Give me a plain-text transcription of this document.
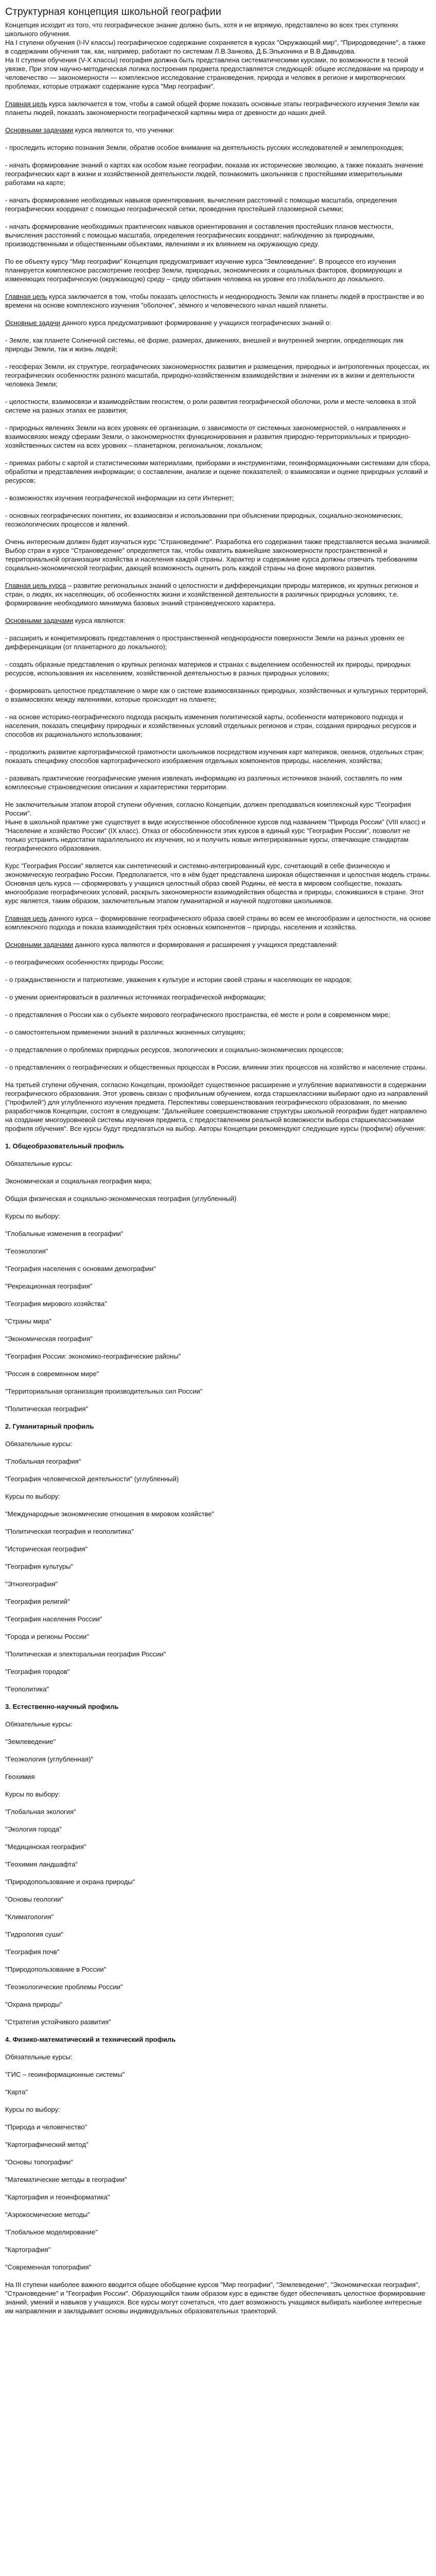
Структурная концепция школьной географии

Концепция исходит из того, что географическое знание должно быть, хотя и не впрямую, представлено во всех трех ступенях школьного обучения.

На I ступени обучения (I-IV классы) географическое содержание сохраняется в курсах "Окружающий мир", "Природоведение", а также в содержании обучения так, как, например, работают по системам Л.В.Занкова, Д.Б.Эльконина и В.В.Давыдова.

На II ступени обучения (V-X классы) география должна быть представлена систематическими курсами, по возможности в тесной увязке, При этом научно-методическая логика построения предмета предоставляется следующей: общее исследование на природу и человечество — закономерности — комплексное исследование страноведения, природа и человек в регионе и миротворческих проблемах, которые отражают содержание курса "Мир географии".

Главная цель курса заключается в том, чтобы в самой общей форме показать основные этапы географического изучения Земли как планеты людей, показать закономерности географической картины мира от древности до наших дней.

Основными задачами курса являются то, что ученики:

- проследить историю познания Земли, обратив особое внимание на деятельность русских исследователей и землепроходцев;

- начать формирование знаний о картах как особом языке географии, показав их исторические эволюцию, а также показать значение географических карт в жизни и хозяйственной деятельности людей, познакомить школьников с простейшими измерительными работами на карте;

- начать формирование необходимых навыков ориентирования, вычисления расстояний с помощью масштаба, определения географических координат с помощью географической сетки, проведения простейшей глазомерной съемки;

- начать формирование необходимых практических навыков ориентирования и составления простейших планов местности, вычисления расстояний с помощью масштаба, определения географических координат; наблюдению за природными, производственными и общественными объектами, явлениями и их влиянием на окружающую среду.

По ее объекту курсу "Мир географии" Концепция предусматривает изучение курса "Землеведение". В процессе его изучения планируется комплексное рассмотрение геосфер Земли, природных, экономических и социальных факторов, формирующих и изменяющих географическую (окружающую) среду – среду обитания человека на уровне его глобального до локального.

Главная цель курса заключается в том, чтобы показать целостность и неоднородность Земли как планеты людей в пространстве и во времени на основе комплексного изучения "оболочек", зёмного и человеческого начал нашей планеты.

Основные задачи данного курса предусматривают формирование у учащихся географических знаний о:

- Земле, как планете Солнечной системы, её форме, размерах, движениях, внешней и внутренней энергии, определяющих лик природы Земли, так и жизнь людей;

- геосферах Земли, их структуре, географических закономерностях развития и размещения, природных и антропогенных процессах, их географических особенностях разного масштаба, природно-хозяйственном взаимодействии и значении их в жизни и деятельности человека Земли;

- целостности, взаимосвязи и взаимодействии геосистем, о роли развития географической оболочки, роли и месте человека в этой системе на разных этапах ее развития;

- природных явлениях Земли на всех уровнях её организации, о зависимости от системных закономерностей, о направлениях и взаимосвязях между сферами Земли, о закономерностях функционирования и развития природно-территориальных и природно-хозяйственных систем на всех уровнях – планетарном, региональном, локальном;

- приемах работы с картой и статистическими материалами, приборами и инструментами, геоинформационными системами для сбора, обработки и представления информации; о составлении, анализе и оценке показателей; о взаимосвязи и оценке природных условий и ресурсов;

- возможностях изучения географической информации из сети Интернет;

- основных географических понятиях, их взаимосвязи и использовании при объяснении природных, социально-экономических, геоэкологических процессов и явлений.

Очень интересным должен будет изучаться курс "Страноведение". Разработка его содержания также представляется весьма значимой. Выбор стран в курсе "Страноведение" определяется так, чтобы охватить важнейшие закономерности пространственной и территориальной организации хозяйства и населения каждой страны. Характер и содержание курса должны отвечать требованиям социально-экономической географии, дающей возможность оценить роль каждой страны на фоне мирового развития.

Главная цель курса – развитие региональных знаний о целостности и дифференциации природы материков, их крупных регионов и стран, о людях, их населяющих, об особенностях жизни и хозяйственной деятельности в различных природных условиях, т.е. формирование необходимого минимума базовых знаний страноведческого характера.

Основными задачами курса являются:

- расширить и конкретизировать представления о пространственной неоднородности поверхности Земли на разных уровнях ее дифференциации (от планетарного до локального);

- создать образные представления о крупных регионах материков и странах с выделением особенностей их природы, природных ресурсов, использования их населением, хозяйственной деятельностью в разных природных условиях;

- формировать целостное представление о мире как о системе взаимосвязанных природных, хозяйственных и культурных территорий, о взаимосвязях между явлениями, которые происходят на планете;

- на основе историко-географического подхода раскрыть изменения политической карты, особенности материкового подхода и населения, показать специфику природных и хозяйственных условий отдельных регионов и стран, создания природных ресурсов и способов их рационального использования;

- продолжить развитие картографической грамотности школьников посредством изучения карт материков, океанов, отдельных стран; показать специфику способов картографического изображения отдельных компонентов природы, населения, хозяйства;

- развивать практические географические умения извлекать информацию из различных источников знаний, составлять по ним комплексные страноведческие описания и характеристики территории.

Не заключительным этапом второй ступени обучения, согласно Концепции, должен преподаваться комплексный курс "География России".

Ныне в школьной практике уже существует в виде искусственное обособленное курсов под названием "Природа России" (VIII класс) и "Население и хозяйство России" (IX класс). Отказ от обособленности этих курсов в единый курс "География России", позволит не только устранить недостатки параллельного их изучения, но и получить новые интегрированные курсы, отвечающие стандартам географического образования.

Курс "География России" является как синтетический и системно-интегрированный курс, сочетающий в себе физическую и экономическую географию России. Предполагается, что в нём будет представлена широкая общественная и целостная модель страны. Основная цель курса — сформировать у учащихся целостный образ своей Родины, её места в мировом сообществе, показать многообразие географических условий, раскрыть закономерности взаимодействия общества и природы, сложившихся в стране. Этот курс является, таким образом, заключительным этапом гуманитарной и научной подготовки школьников.

Главная цель данного курса – формирование географического образа своей страны во всем ее многообразии и целостности, на основе комплексного подхода и показа взаимодействия трёх основных компонентов – природы, населения и хозяйства.

Основными задачами данного курса являются и формирования и расширения у учащихся представлений:

- о географических особенностях природы России;

- о гражданственности и патриотизме, уважения к культуре и истории своей страны и населяющих ее народов;

- о умении ориентироваться в различных источниках географической информации;

- о представления о России как о субъекте мирового географического пространства, её месте и роли в современном мире;

- о самостоятельном применении знаний в различных жизненных ситуациях;

- о представления о проблемах природных ресурсов, экологических и социально-экономических процессов;

- о представлениях о географических и общественных процессах в России, влиянии этих процессов на хозяйство и население страны.

На третьей ступени обучения, согласно Концепции, произойдет существенное расширение и углубление вариативности в содержании географического образования. Этот уровень связан с профильным обучением, когда старшеклассники выбирают одно из направлений ("профилей") для углубленного изучения предмета. Перспективы совершенствования географического образования, по мнению разработчиков Концепции, состоят в следующем: "Дальнейшее совершенствование структуры школьной географии будет направлено на создание многоуровневой системы изучения предмета, с предоставлением реальной возможности выбора старшеклассниками профиля обучения". Все курсы будут предлагаться на выбор. Авторы Концепции рекомендуют следующие курсы (профили) обучения:

1. Общеобразовательный профиль

Обязательные курсы:

Экономическая и социальная география мира;

Общая физическая и социально-экономическая география (углубленный)

Курсы по выбору:

"Глобальные изменения в географии"

"Геоэкология"

"География населения с основами демографии"

"Рекреационная география"

"География мирового хозяйства"

"Страны мира"

"Экономическая география"

"География России: экономико-географические районы"

"Россия в современном мире"

"Территориальная организация производительных сил России"

"Политическая география"

2. Гуманитарный профиль

Обязательные курсы:

"Глобальная география"

"География человеческой деятельности" (углубленный)

Курсы по выбору:

"Международные экономические отношения в мировом хозяйстве"

"Политическая география и геополитика"

"Историческая география"

"География культуры"

"Этногеография"

"География религий"

"География населения России"

"Города и регионы России"

"Политическая и электоральная география России"

"География городов"

"Геополитика"

3. Естественно-научный профиль

Обязательные курсы:

"Землеведение"

"Геоэкология (углубленная)"

Геохимия

Курсы по выбору:

"Глобальная экология"

"Экология города"

"Медицинская география"

"Геохимия ландшафта"

"Природопользование и охрана природы"

"Основы геологии"

"Климатология"

"Гидрология суши"

"География почв"

"Природопользование в России"

"Геоэкологические проблемы России"

"Охрана природы"

"Стратегия устойчивого развития"

4. Физико-математический и технический профиль

Обязательные курсы:

"ГИС – геоинформационные системы"

"Карта"

Курсы по выбору:

"Природа и человечество"

"Картографический метод"

"Основы топографии"

"Математические методы в географии"

"Картография и геоинформатика"

"Аэрокосмические методы"

"Глобальное моделирование"

"Картография"

"Современная топография"

На III ступени наиболее важного вводится общее обобщение курсов "Мир географии", "Землеведение", "Экономическая география", "Страноведение" и "География России". Образующийся таким образом курс в единстве будет обеспечивать целостное формирование знаний, умений и навыков у учащихся. Все курсы могут сочетаться, что дает возможность учащимся выбирать наиболее интересные им направления и закладывает основы индивидуальных образовательных траекторий.
